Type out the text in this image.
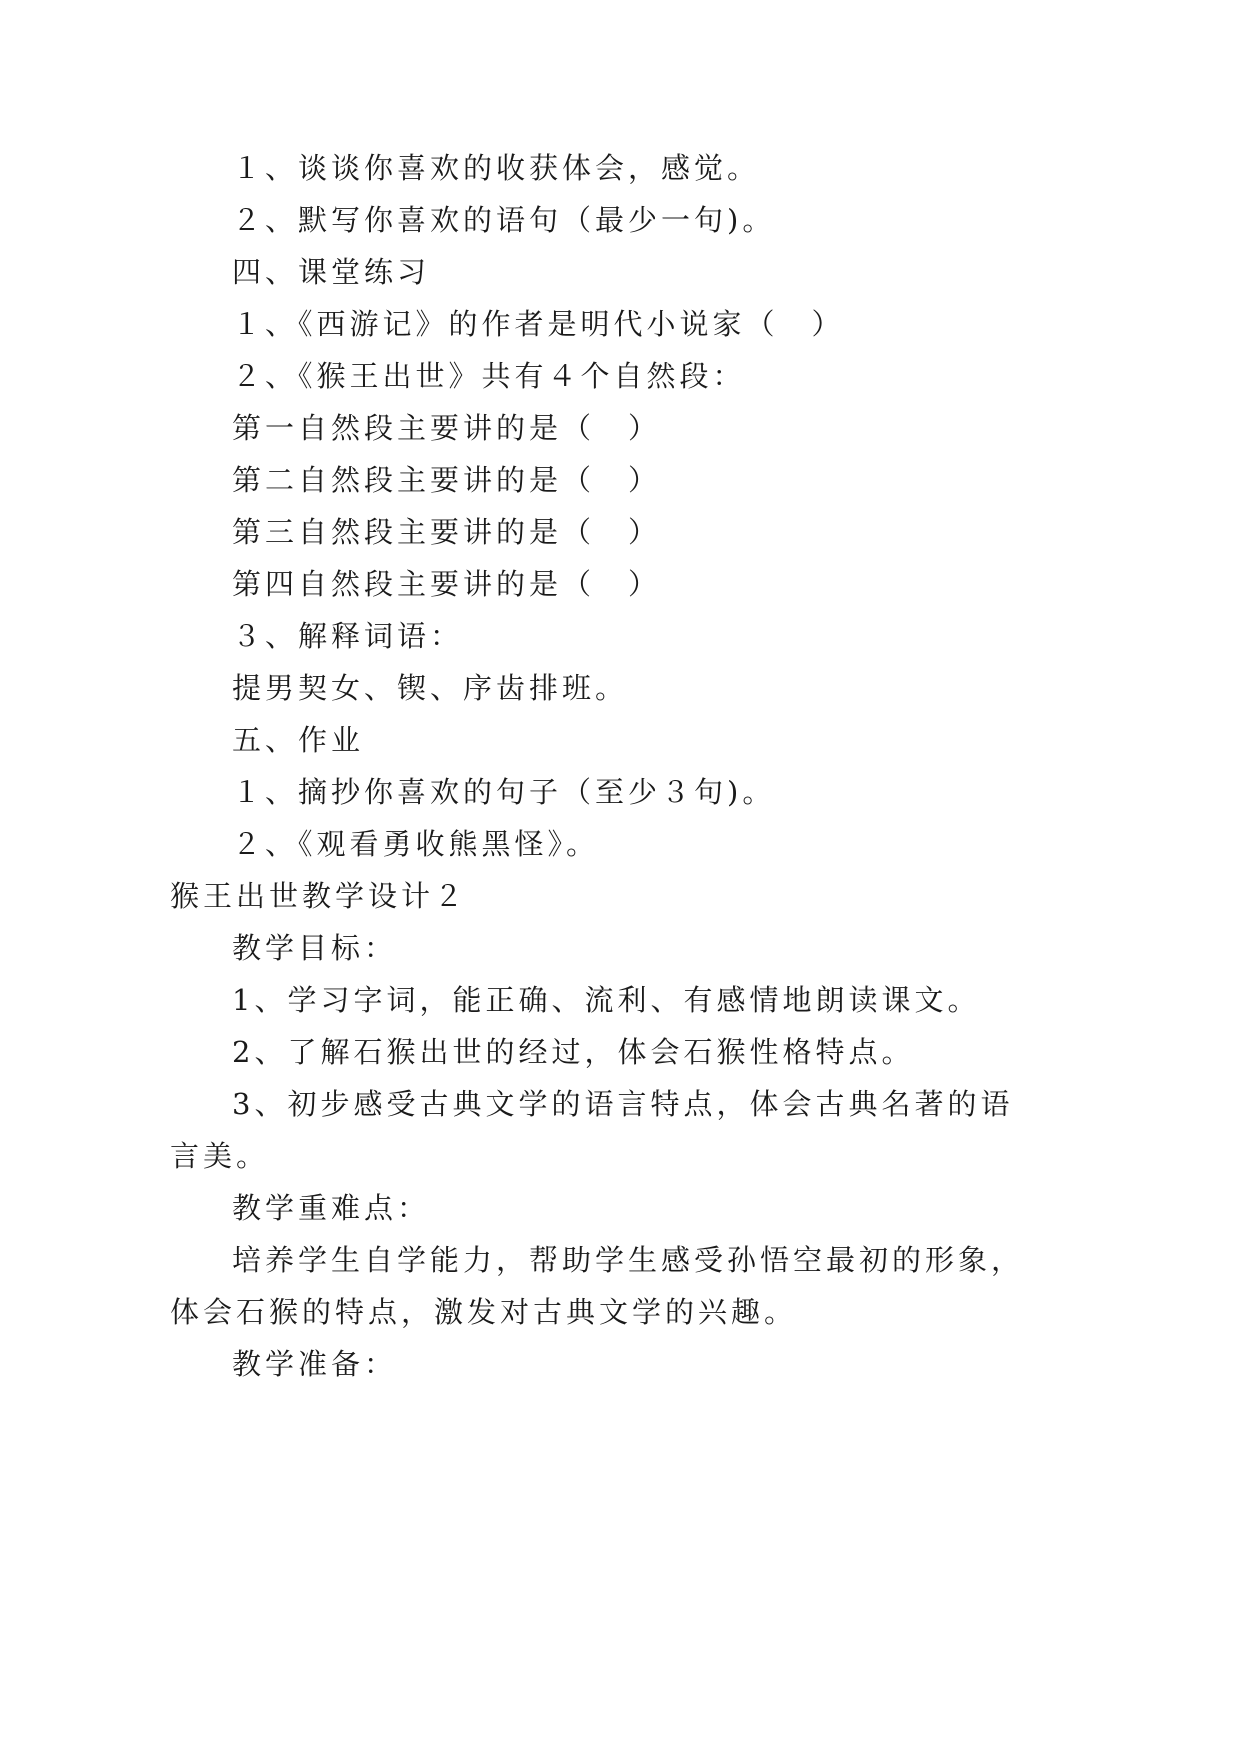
１、谈谈你喜欢的收获体会，感觉。
２、默写你喜欢的语句（最少一句)。
四、课堂练习
１、《西游记》的作者是明代小说家（　）
２、《猴王出世》共有４个自然段：
第一自然段主要讲的是（　）
第二自然段主要讲的是（　）
第三自然段主要讲的是（　）
第四自然段主要讲的是（　）
３、解释词语：
提男契女、锲、序齿排班。
五、作业
１、摘抄你喜欢的句子（至少３句)。
２、《观看勇收熊黑怪》。
猴王出世教学设计２
教学目标：
1、学习字词，能正确、流利、有感情地朗读课文。
2、了解石猴出世的经过，体会石猴性格特点。
3、初步感受古典文学的语言特点，体会古典名著的语
言美。
教学重难点：
培养学生自学能力，帮助学生感受孙悟空最初的形象，
体会石猴的特点，激发对古典文学的兴趣。
教学准备：
